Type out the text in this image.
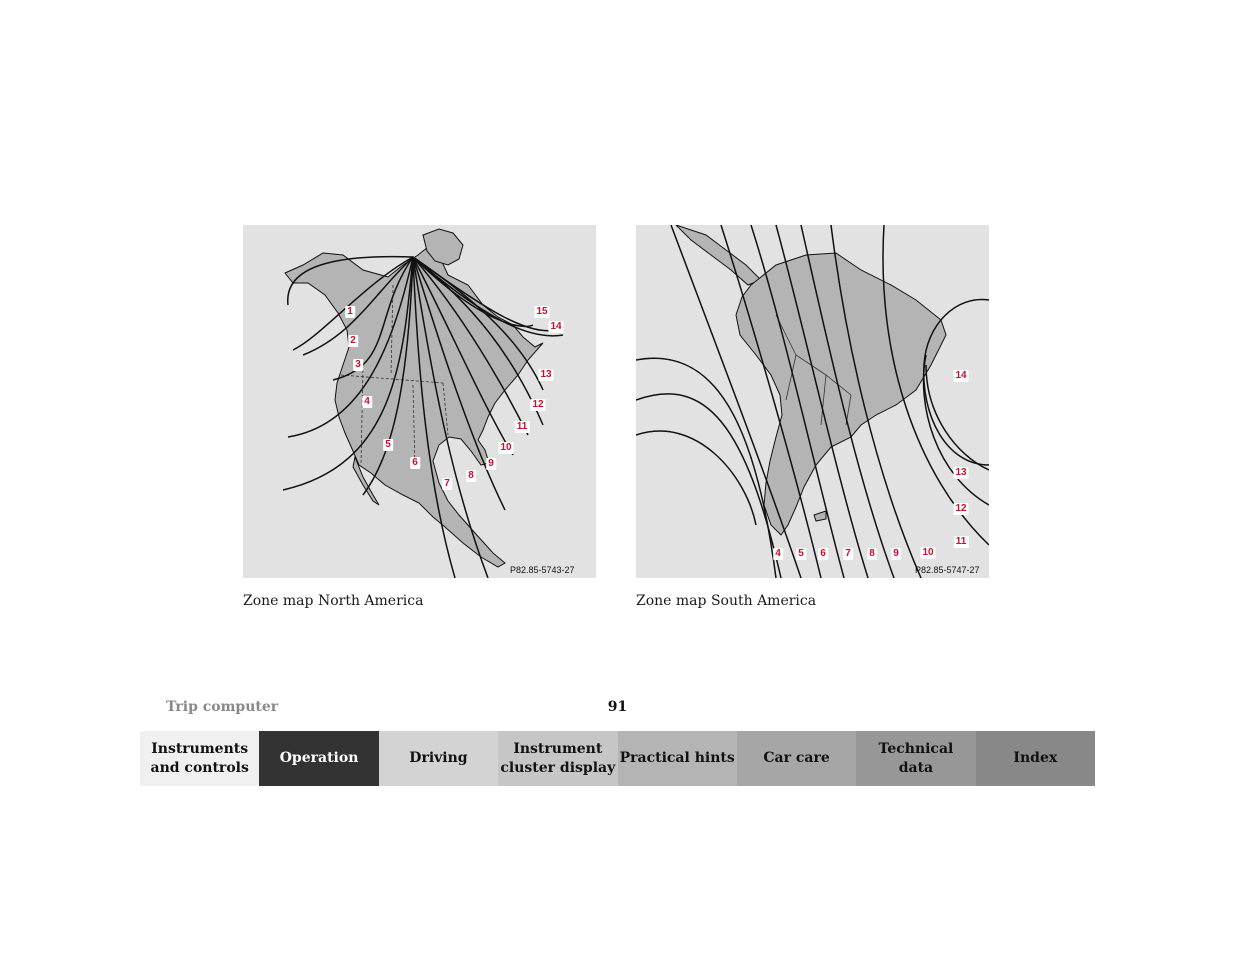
P82.85-5743-27
1
2
3
4
5
6
7
8
9
10
11
12
13
14
15
Zone map North America
P82.85-5747-27
4 5 6 7 8 9 10
11
12
13
14
Zone map South America
Trip computer	91
Instruments
and controls
Operation	Driving
Instrument
cluster display
Practical hints Car care
Technical
data
Index
